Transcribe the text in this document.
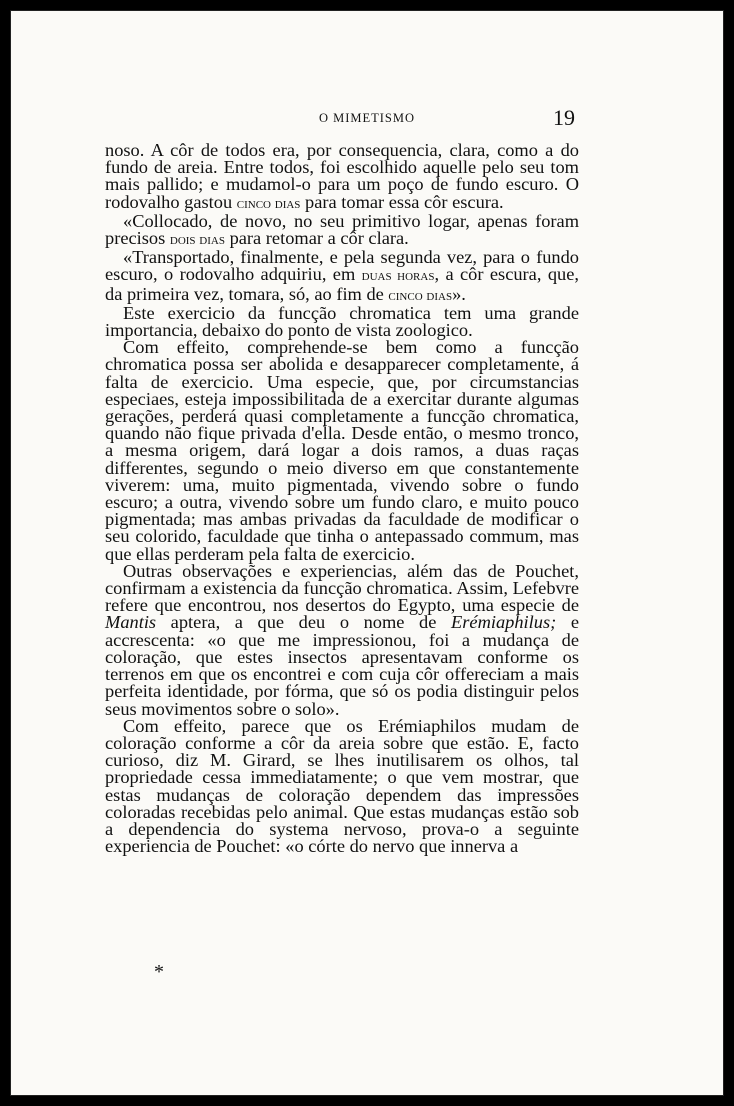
O MIMETISMO	19

noso. A côr de todos era, por consequencia, clara, como a do fundo de areia. Entre todos, foi escolhido aquelle pelo seu tom mais pallido; e mudamol-o para um poço de fundo escuro. O rodovalho gastou cinco dias para tomar essa côr escura.

«Collocado, de novo, no seu primitivo logar, apenas foram precisos dois dias para retomar a côr clara.

«Transportado, finalmente, e pela segunda vez, para o fundo escuro, o rodovalho adquiriu, em duas horas, a côr escura, que, da primeira vez, tomara, só, ao fim de cinco dias».

Este exercicio da funcção chromatica tem uma grande importancia, debaixo do ponto de vista zoologico.

Com effeito, comprehende-se bem como a funcção chromatica possa ser abolida e desapparecer completamente, á falta de exercicio. Uma especie, que, por circumstancias especiaes, esteja impossibilitada de a exercitar durante algumas gerações, perderá quasi completamente a funcção chromatica, quando não fique privada d'ella. Desde então, o mesmo tronco, a mesma origem, dará logar a dois ramos, a duas raças differentes, segundo o meio diverso em que constantemente viverem: uma, muito pigmentada, vivendo sobre o fundo escuro; a outra, vivendo sobre um fundo claro, e muito pouco pigmentada; mas ambas privadas da faculdade de modificar o seu colorido, faculdade que tinha o antepassado commum, mas que ellas perderam pela falta de exercicio.

Outras observações e experiencias, além das de Pouchet, confirmam a existencia da funcção chromatica. Assim, Lefebvre refere que encontrou, nos desertos do Egypto, uma especie de Mantis aptera, a que deu o nome de Erémiaphilus; e accrescenta: «o que me impressionou, foi a mudança de coloração, que estes insectos apresentavam conforme os terrenos em que os encontrei e com cuja côr offereciam a mais perfeita identidade, por fórma, que só os podia distinguir pelos seus movimentos sobre o solo».

Com effeito, parece que os Erémiaphilos mudam de coloração conforme a côr da areia sobre que estão. E, facto curioso, diz M. Girard, se lhes inutilisarem os olhos, tal propriedade cessa immediatamente; o que vem mostrar, que estas mudanças de coloração dependem das impressões coloradas recebidas pelo animal. Que estas mudanças estão sob a dependencia do systema nervoso, prova-o a seguinte experiencia de Pouchet: «o córte do nervo que innerva a

*
